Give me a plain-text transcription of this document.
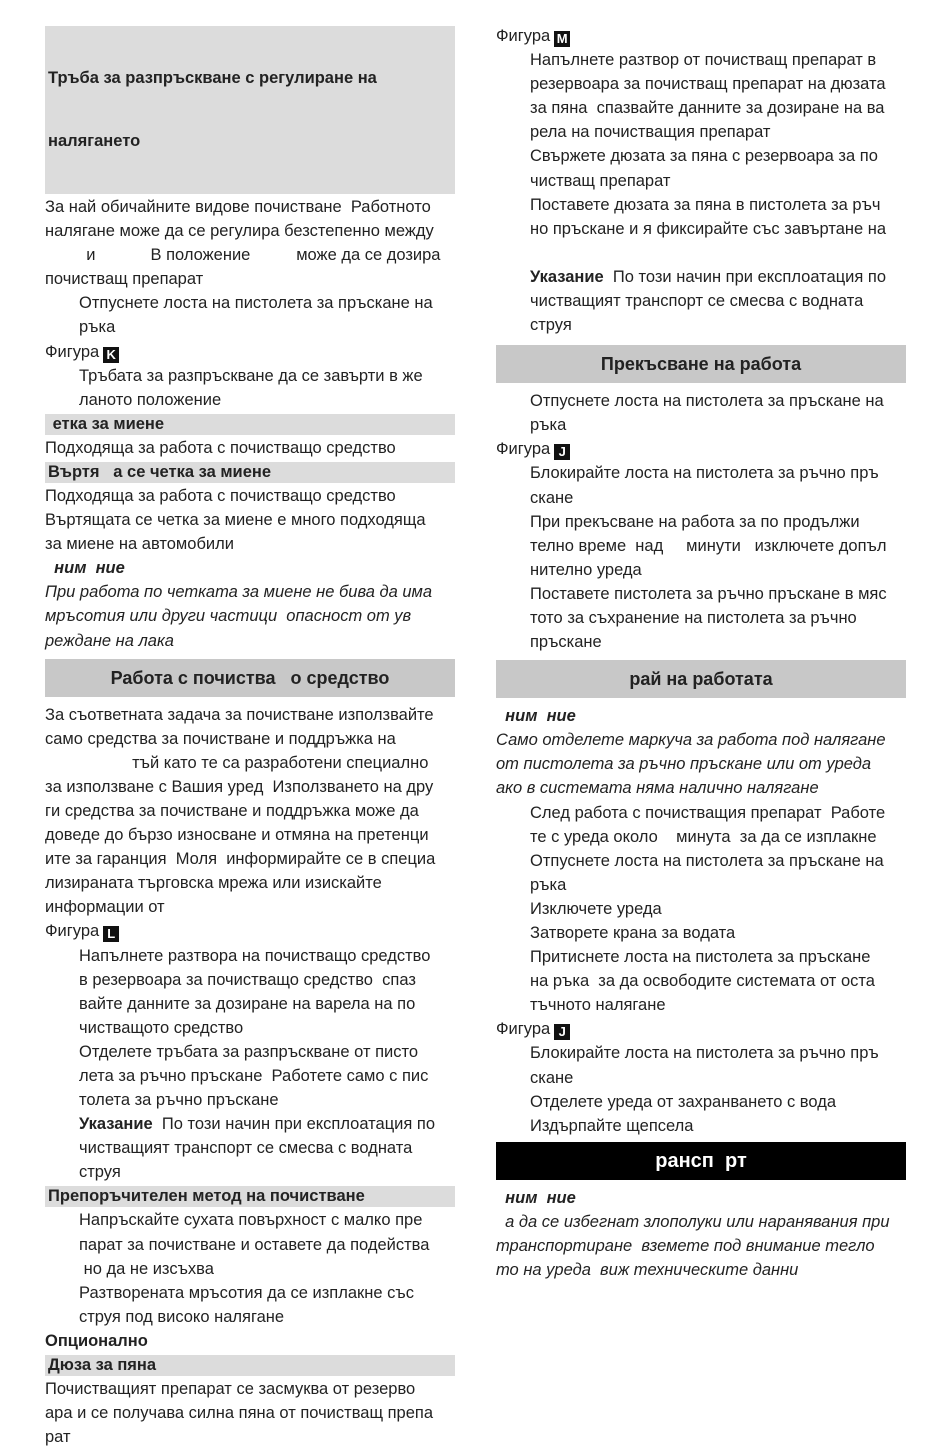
Тръба за разпръскване с регулиране на

налягането

За най обичайните видове почистване  Работното
налягане може да се регулира безстепенно между
и            В положение          може да се дозира
почистващ препарат
Отпуснете лоста на пистолета за пръскане на
ръка
Фигура K
Тръбата за разпръскване да се завърти в же
ланото положение
етка за миене
Подходяща за работа с почистващо средство
Въртя   а се четка за миене
Подходяща за работа с почистващо средство
Въртящата се четка за миене е много подходяща
за миене на автомобили
ним  ние
При работа по четката за миене не бива да има
мръсотия или други частици  опасност от ув
реждане на лака
Работа с почиства   о средство
За съответната задача за почистване използвайте
само средства за почистване и поддръжка на
тъй като те са разработени специално
за използване с Вашия уред  Използването на дру
ги средства за почистване и поддръжка може да
доведе до бързо износване и отмяна на претенци
ите за гаранция  Моля  информирайте се в специа
лизираната търговска мрежа или изискайте
информации от
Фигура L
Напълнете разтвора на почистващо средство
в резервоара за почистващо средство  спаз
вайте данните за дозиране на варела на по
чистващото средство
Отделете тръбата за разпръскване от писто
лета за ръчно пръскане  Работете само с пис
толета за ръчно пръскане
Указание  По този начин при експлоатация по
чистващият транспорт се смесва с водната
струя
Препоръчителен метод на почистване
Напръскайте сухата повърхност с малко пре
парат за почистване и оставете да подейства
но да не изсъхва
Разтворената мръсотия да се изплакне със
струя под високо налягане
Опционално
Дюза за пяна
Почистващият препарат се засмуква от резерво
ара и се получава силна пяна от почистващ препа
рат
Фигура M
Напълнете разтвор от почистващ препарат в
резервоара за почистващ препарат на дюзата
за пяна  спазвайте данните за дозиране на ва
рела на почистващия препарат
Свържете дюзата за пяна с резервоара за по
чистващ препарат
Поставете дюзата за пяна в пистолета за ръч
но пръскане и я фиксирайте със завъртане на
Указание  По този начин при експлоатация по
чистващият транспорт се смесва с водната
струя
Прекъсване на работа
Отпуснете лоста на пистолета за пръскане на
ръка
Фигура J
Блокирайте лоста на пистолета за ръчно пръ
скане
При прекъсване на работа за по продължи
телно време  над     минути   изключете допъл
нително уреда
Поставете пистолета за ръчно пръскане в мяс
тото за съхранение на пистолета за ръчно
пръскане
рай на работата
ним  ние
Само отделете маркуча за работа под налягане
от пистолета за ръчно пръскане или от уреда
ако в системата няма налично налягане
След работа с почистващия препарат  Работе
те с уреда около    минута  за да се изплакне
Отпуснете лоста на пистолета за пръскане на
ръка
Изключете уреда
Затворете крана за водата
Притиснете лоста на пистолета за пръскане
на ръка  за да освободите системата от оста
тъчното налягане
Фигура J
Блокирайте лоста на пистолета за ръчно пръ
скане
Отделете уреда от захранването с вода
Издърпайте щепсела
рансп  рт
ним  ние
а да се избегнат злополуки или наранявания при
транспортиране  вземете под внимание тегло
то на уреда  виж техническите данни
